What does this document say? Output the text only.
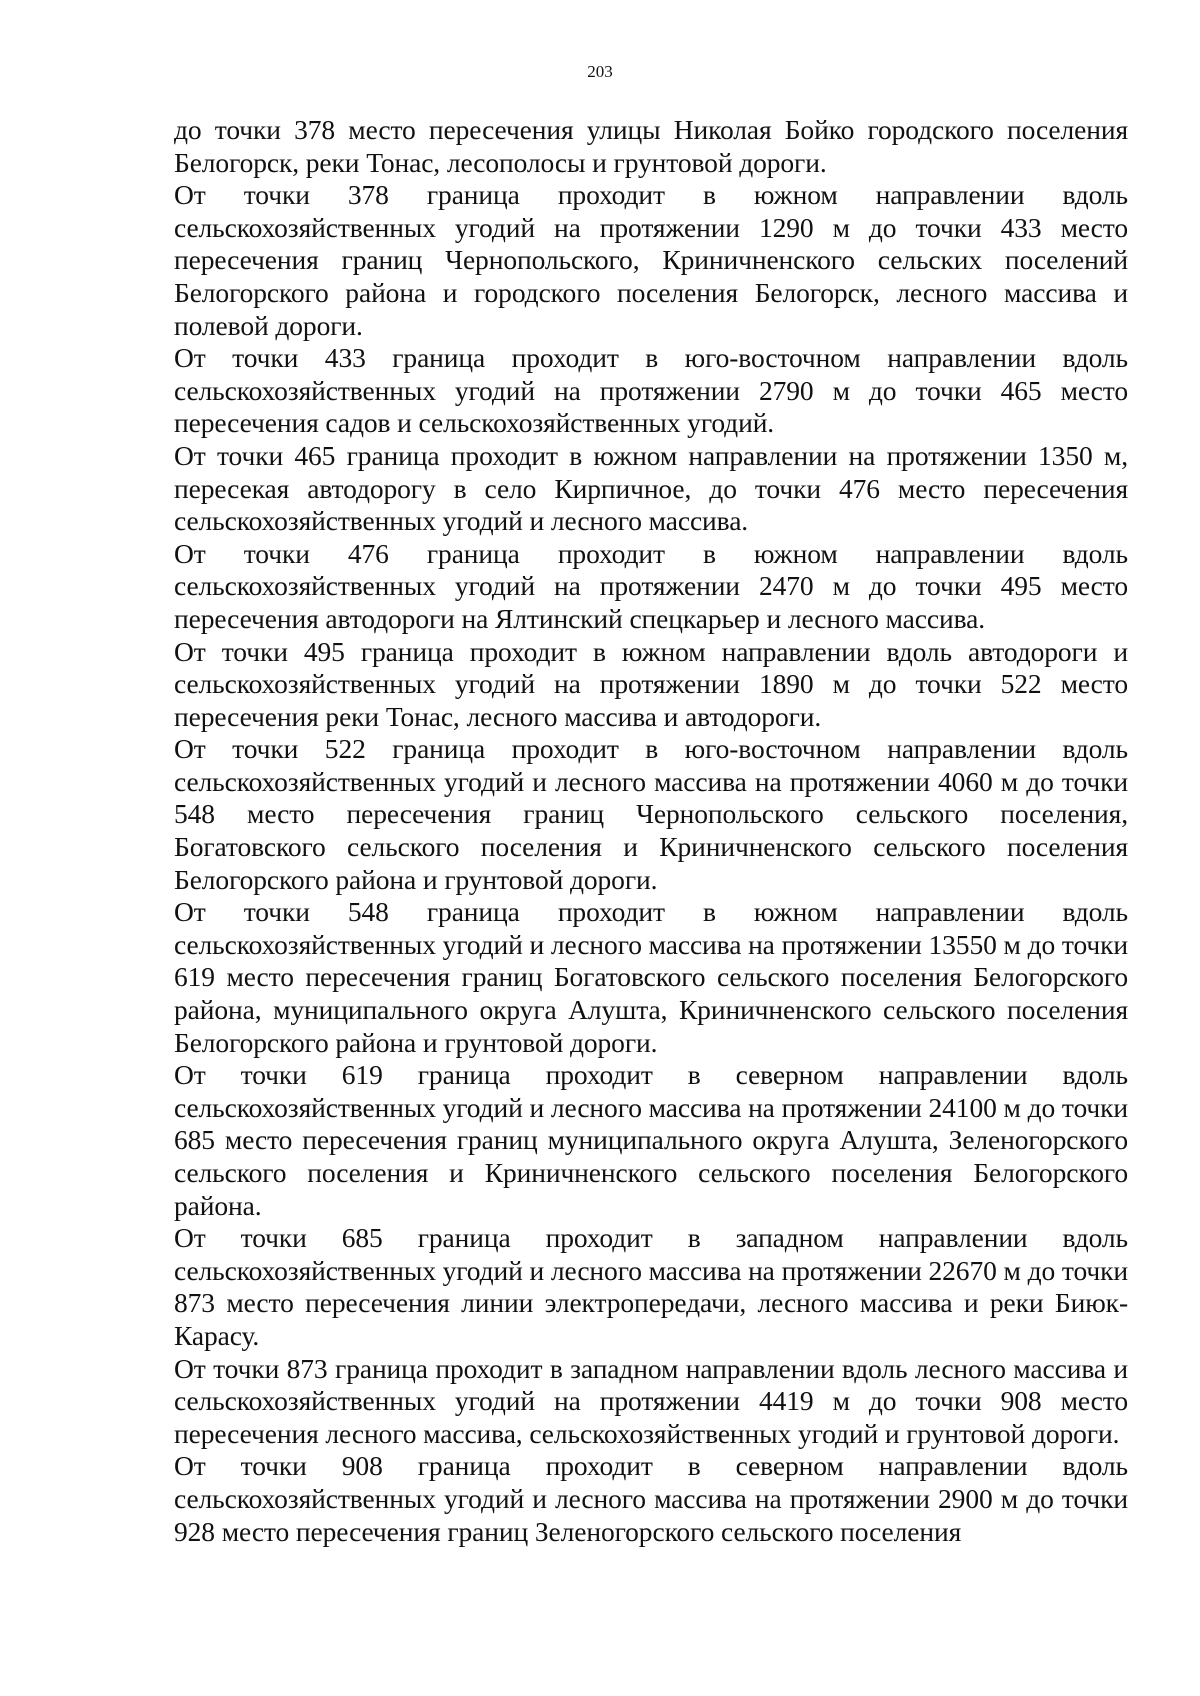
203

до точки 378 место пересечения улицы Николая Бойко городского поселения Белогорск, реки Тонас, лесополосы и грунтовой дороги.

От точки 378 граница проходит в южном направлении вдоль сельскохозяйственных угодий на протяжении 1290 м до точки 433 место пересечения границ Чернопольского, Криничненского сельских поселений Белогорского района и городского поселения Белогорск, лесного массива и полевой дороги.

От точки 433 граница проходит в юго-восточном направлении вдоль сельскохозяйственных угодий на протяжении 2790 м до точки 465 место пересечения садов и сельскохозяйственных угодий.

От точки 465 граница проходит в южном направлении на протяжении 1350 м, пересекая автодорогу в село Кирпичное, до точки 476 место пересечения сельскохозяйственных угодий и лесного массива.

От точки 476 граница проходит в южном направлении вдоль сельскохозяйственных угодий на протяжении 2470 м до точки 495 место пересечения автодороги на Ялтинский спецкарьер и лесного массива.

От точки 495 граница проходит в южном направлении вдоль автодороги и сельскохозяйственных угодий на протяжении 1890 м до точки 522 место пересечения реки Тонас, лесного массива и автодороги.

От точки 522 граница проходит в юго-восточном направлении вдоль сельскохозяйственных угодий и лесного массива на протяжении 4060 м до точки 548 место пересечения границ Чернопольского сельского поселения, Богатовского сельского поселения и Криничненского сельского поселения Белогорского района и грунтовой дороги.

От точки 548 граница проходит в южном направлении вдоль сельскохозяйственных угодий и лесного массива на протяжении 13550 м до точки 619 место пересечения границ Богатовского сельского поселения Белогорского района, муниципального округа Алушта, Криничненского сельского поселения Белогорского района и грунтовой дороги.

От точки 619 граница проходит в северном направлении вдоль сельскохозяйственных угодий и лесного массива на протяжении 24100 м до точки 685 место пересечения границ муниципального округа Алушта, Зеленогорского сельского поселения и Криничненского сельского поселения Белогорского района.

От точки 685 граница проходит в западном направлении вдоль сельскохозяйственных угодий и лесного массива на протяжении 22670 м до точки 873 место пересечения линии электропередачи, лесного массива и реки Биюк-Карасу.

От точки 873 граница проходит в западном направлении вдоль лесного массива и сельскохозяйственных угодий на протяжении 4419 м до точки 908 место пересечения лесного массива, сельскохозяйственных угодий и грунтовой дороги.

От точки 908 граница проходит в северном направлении вдоль сельскохозяйственных угодий и лесного массива на протяжении 2900 м до точки 928 место пересечения границ Зеленогорского сельского поселения
